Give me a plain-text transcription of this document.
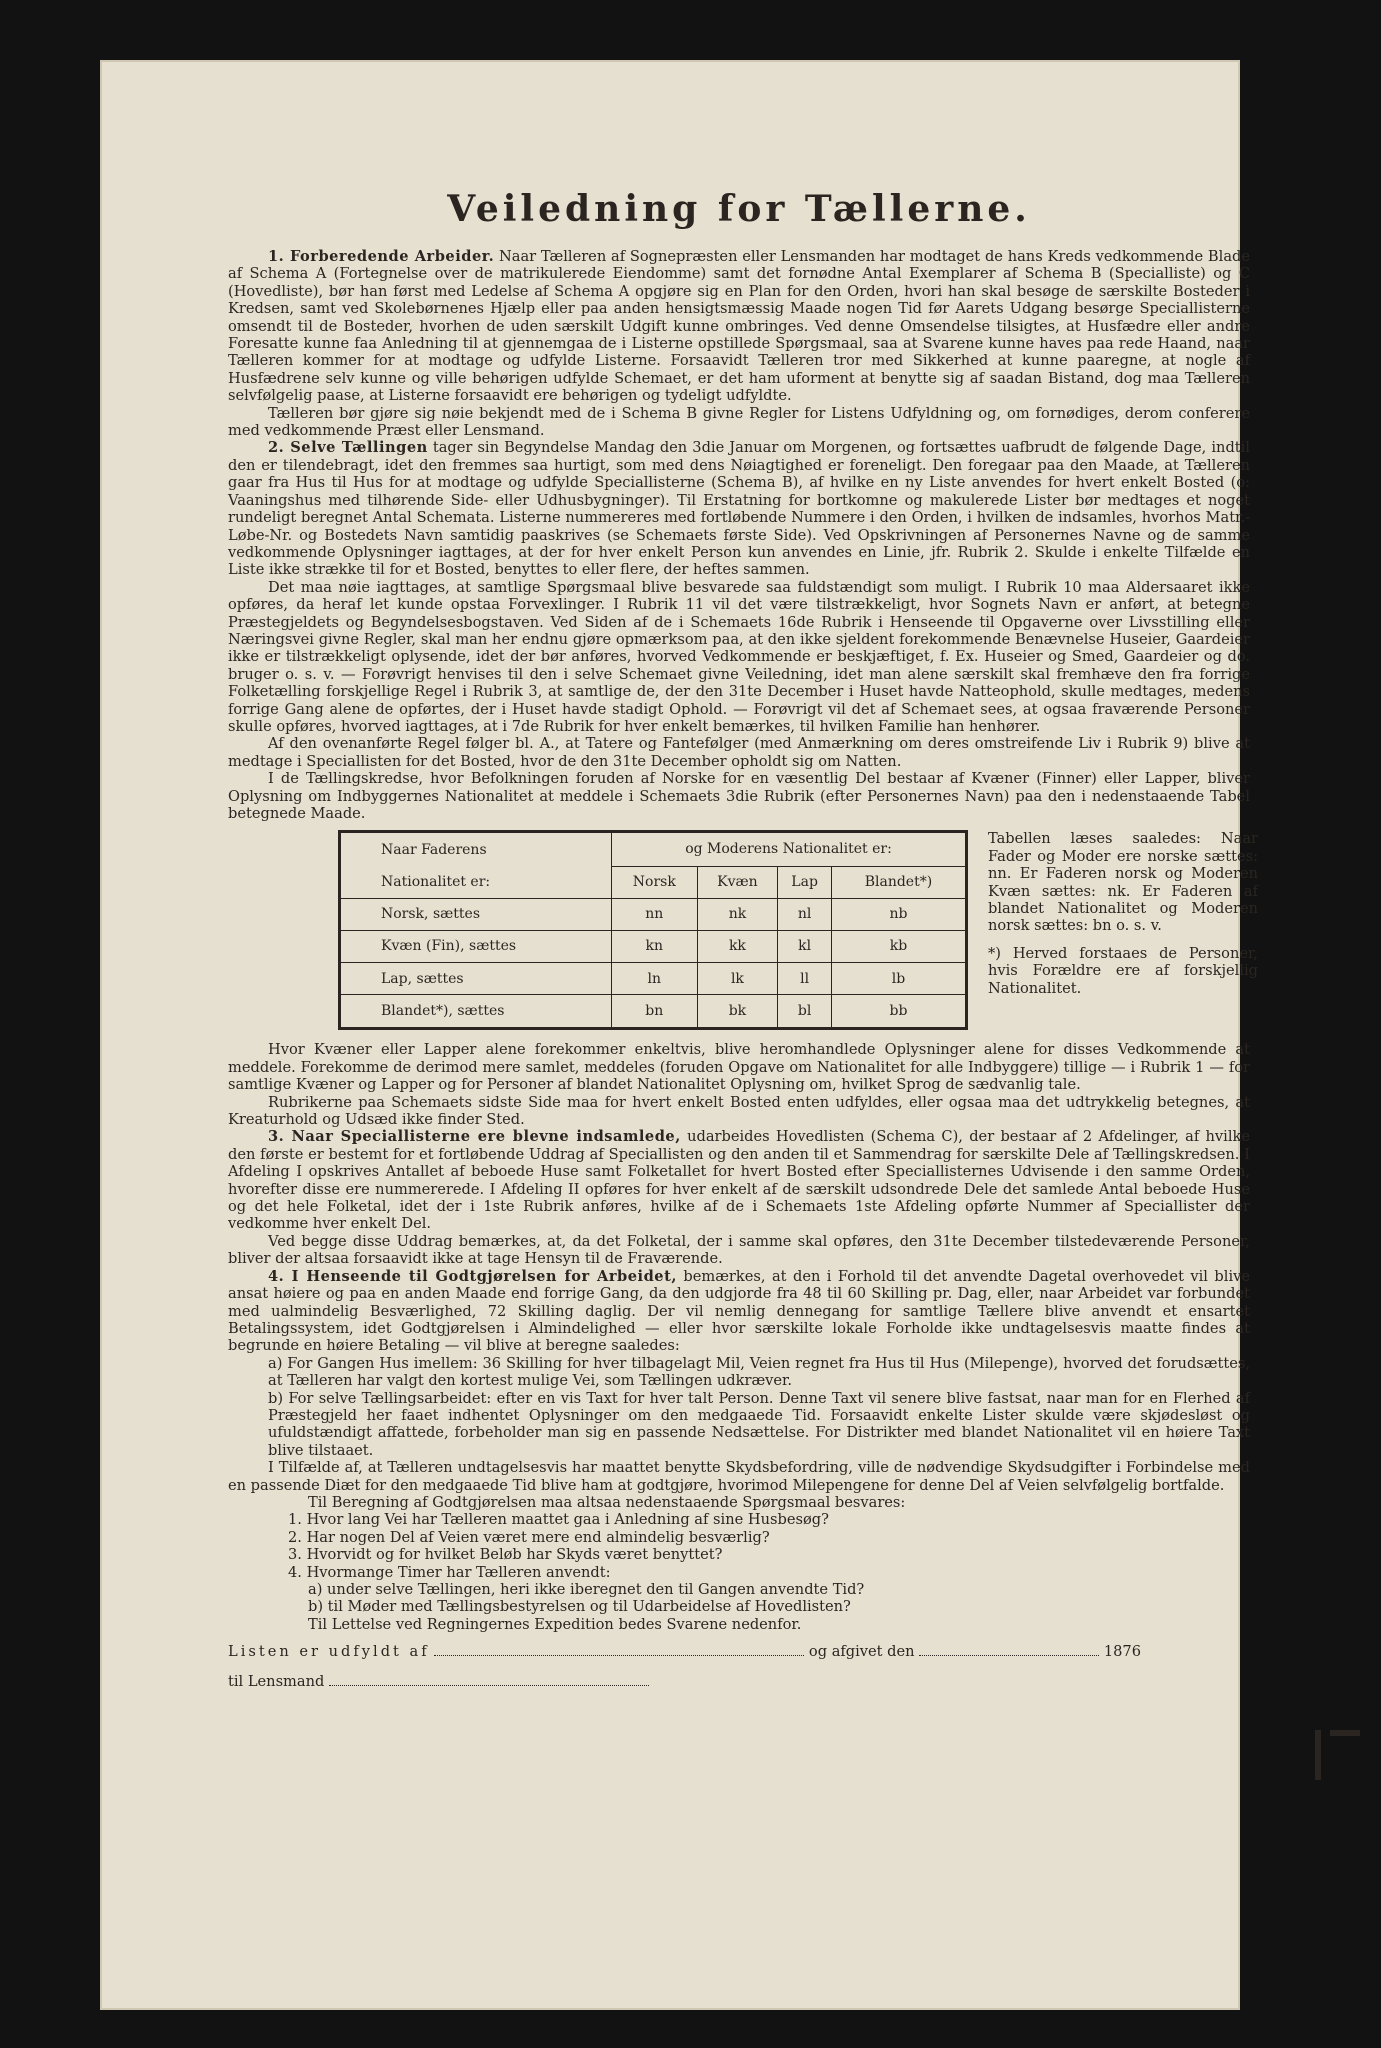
Veiledning for Tællerne.

1. Forberedende Arbeider. Naar Tælleren af Sognepræsten eller Lensmanden har modtaget de hans Kreds vedkommende Blade af Schema A (Fortegnelse over de matrikulerede Eiendomme) samt det fornødne Antal Exemplarer af Schema B (Specialliste) og C (Hovedliste), bør han først med Ledelse af Schema A opgjøre sig en Plan for den Orden, hvori han skal besøge de særskilte Bosteder i Kredsen, samt ved Skolebørnenes Hjælp eller paa anden hensigtsmæssig Maade nogen Tid før Aarets Udgang besørge Speciallisterne omsendt til de Bosteder, hvorhen de uden særskilt Udgift kunne ombringes. Ved denne Omsendelse tilsigtes, at Husfædre eller andre Foresatte kunne faa Anledning til at gjennemgaa de i Listerne opstillede Spørgsmaal, saa at Svarene kunne haves paa rede Haand, naar Tælleren kommer for at modtage og udfylde Listerne. Forsaavidt Tælleren tror med Sikkerhed at kunne paaregne, at nogle af Husfædrene selv kunne og ville behørigen udfylde Schemaet, er det ham uforment at benytte sig af saadan Bistand, dog maa Tælleren selvfølgelig paase, at Listerne forsaavidt ere behørigen og tydeligt udfyldte.

Tælleren bør gjøre sig nøie bekjendt med de i Schema B givne Regler for Listens Udfyldning og, om fornødiges, derom conferere med vedkommende Præst eller Lensmand.

2. Selve Tællingen tager sin Begyndelse Mandag den 3die Januar om Morgenen, og fortsættes uafbrudt de følgende Dage, indtil den er tilendebragt, idet den fremmes saa hurtigt, som med dens Nøiagtighed er foreneligt. Den foregaar paa den Maade, at Tælleren gaar fra Hus til Hus for at modtage og udfylde Speciallisterne (Schema B), af hvilke en ny Liste anvendes for hvert enkelt Bosted (o: Vaaningshus med tilhørende Side- eller Udhusbygninger). Til Erstatning for bortkomne og makulerede Lister bør medtages et noget rundeligt beregnet Antal Schemata. Listerne nummereres med fortløbende Nummere i den Orden, i hvilken de indsamles, hvorhos Matr.-Løbe-Nr. og Bostedets Navn samtidig paaskrives (se Schemaets første Side). Ved Opskrivningen af Personernes Navne og de samme vedkommende Oplysninger iagttages, at der for hver enkelt Person kun anvendes en Linie, jfr. Rubrik 2. Skulde i enkelte Tilfælde en Liste ikke strække til for et Bosted, benyttes to eller flere, der heftes sammen.

Det maa nøie iagttages, at samtlige Spørgsmaal blive besvarede saa fuldstændigt som muligt. I Rubrik 10 maa Aldersaaret ikke opføres, da heraf let kunde opstaa Forvexlinger. I Rubrik 11 vil det være tilstrækkeligt, hvor Sognets Navn er anført, at betegne Præstegjeldets og Begyndelsesbogstaven. Ved Siden af de i Schemaets 16de Rubrik i Henseende til Opgaverne over Livsstilling eller Næringsvei givne Regler, skal man her endnu gjøre opmærksom paa, at den ikke sjeldent forekommende Benævnelse Huseier, Gaardeier ikke er tilstrækkeligt oplysende, idet der bør anføres, hvorved Vedkommende er beskjæftiget, f. Ex. Huseier og Smed, Gaardeier og do. bruger o. s. v. — Forøvrigt henvises til den i selve Schemaet givne Veiledning, idet man alene særskilt skal fremhæve den fra forrige Folketælling forskjellige Regel i Rubrik 3, at samtlige de, der den 31te December i Huset havde Natteophold, skulle medtages, medens forrige Gang alene de opførtes, der i Huset havde stadigt Ophold. — Forøvrigt vil det af Schemaet sees, at ogsaa fraværende Personer skulle opføres, hvorved iagttages, at i 7de Rubrik for hver enkelt bemærkes, til hvilken Familie han henhører.

Af den ovenanførte Regel følger bl. A., at Tatere og Fantefølger (med Anmærkning om deres omstreifende Liv i Rubrik 9) blive at medtage i Speciallisten for det Bosted, hvor de den 31te December opholdt sig om Natten.

I de Tællingskredse, hvor Befolkningen foruden af Norske for en væsentlig Del bestaar af Kvæner (Finner) eller Lapper, bliver Oplysning om Indbyggernes Nationalitet at meddele i Schemaets 3die Rubrik (efter Personernes Navn) paa den i nedenstaaende Tabel betegnede Maade.

Naar Faderens	og Moderens Nationalitet er:			
Nationalitet er:	Norsk	Kvæn	Lap	Blandet*)
Norsk, sættes	nn	nk	nl	nb
Kvæn (Fin), sættes	kn	kk	kl	kb
Lap, sættes	ln	lk	ll	lb
Blandet*), sættes	bn	bk	bl	bb

Tabellen læses saaledes: Naar Fader og Moder ere norske sættes: nn. Er Faderen norsk og Moderen Kvæn sættes: nk. Er Faderen af blandet Nationalitet og Moderen norsk sættes: bn o. s. v.

*) Herved forstaaes de Personer, hvis Forældre ere af forskjellig Nationalitet.

Hvor Kvæner eller Lapper alene forekommer enkeltvis, blive heromhandlede Oplysninger alene for disses Vedkommende at meddele. Forekomme de derimod mere samlet, meddeles (foruden Opgave om Nationalitet for alle Indbyggere) tillige — i Rubrik 1 — for samtlige Kvæner og Lapper og for Personer af blandet Nationalitet Oplysning om, hvilket Sprog de sædvanlig tale.

Rubrikerne paa Schemaets sidste Side maa for hvert enkelt Bosted enten udfyldes, eller ogsaa maa det udtrykkelig betegnes, at Kreaturhold og Udsæd ikke finder Sted.

3. Naar Speciallisterne ere blevne indsamlede, udarbeides Hovedlisten (Schema C), der bestaar af 2 Afdelinger, af hvilke den første er bestemt for et fortløbende Uddrag af Speciallisten og den anden til et Sammendrag for særskilte Dele af Tællingskredsen. I Afdeling I opskrives Antallet af beboede Huse samt Folketallet for hvert Bosted efter Speciallisternes Udvisende i den samme Orden, hvorefter disse ere nummererede. I Afdeling II opføres for hver enkelt af de særskilt udsondrede Dele det samlede Antal beboede Huse og det hele Folketal, idet der i 1ste Rubrik anføres, hvilke af de i Schemaets 1ste Afdeling opførte Nummer af Speciallister der vedkomme hver enkelt Del.

Ved begge disse Uddrag bemærkes, at, da det Folketal, der i samme skal opføres, den 31te December tilstedeværende Personer, bliver der altsaa forsaavidt ikke at tage Hensyn til de Fraværende.

4. I Henseende til Godtgjørelsen for Arbeidet, bemærkes, at den i Forhold til det anvendte Dagetal overhovedet vil blive ansat høiere og paa en anden Maade end forrige Gang, da den udgjorde fra 48 til 60 Skilling pr. Dag, eller, naar Arbeidet var forbundet med ualmindelig Besværlighed, 72 Skilling daglig. Der vil nemlig dennegang for samtlige Tællere blive anvendt et ensartet Betalingssystem, idet Godtgjørelsen i Almindelighed — eller hvor særskilte lokale Forholde ikke undtagelsesvis maatte findes at begrunde en høiere Betaling — vil blive at beregne saaledes:

a) For Gangen Hus imellem: 36 Skilling for hver tilbagelagt Mil, Veien regnet fra Hus til Hus (Milepenge), hvorved det forudsættes, at Tælleren har valgt den kortest mulige Vei, som Tællingen udkræver.

b) For selve Tællingsarbeidet: efter en vis Taxt for hver talt Person. Denne Taxt vil senere blive fastsat, naar man for en Flerhed af Præstegjeld her faaet indhentet Oplysninger om den medgaaede Tid. Forsaavidt enkelte Lister skulde være skjødesløst og ufuldstændigt affattede, forbeholder man sig en passende Nedsættelse. For Distrikter med blandet Nationalitet vil en høiere Taxt blive tilstaaet.

I Tilfælde af, at Tælleren undtagelsesvis har maattet benytte Skydsbefordring, ville de nødvendige Skydsudgifter i Forbindelse med en passende Diæt for den medgaaede Tid blive ham at godtgjøre, hvorimod Milepengene for denne Del af Veien selvfølgelig bortfalde.

Til Beregning af Godtgjørelsen maa altsaa nedenstaaende Spørgsmaal besvares:

1. Hvor lang Vei har Tælleren maattet gaa i Anledning af sine Husbesøg?
2. Har nogen Del af Veien været mere end almindelig besværlig?
3. Hvorvidt og for hvilket Beløb har Skyds været benyttet?
4. Hvormange Timer har Tælleren anvendt:
a) under selve Tællingen, heri ikke iberegnet den til Gangen anvendte Tid?
b) til Møder med Tællingsbestyrelsen og til Udarbeidelse af Hovedlisten?

Til Lettelse ved Regningernes Expedition bedes Svarene nedenfor.

Listen er udfyldt af	og afgivet den	1876
til Lensmand
